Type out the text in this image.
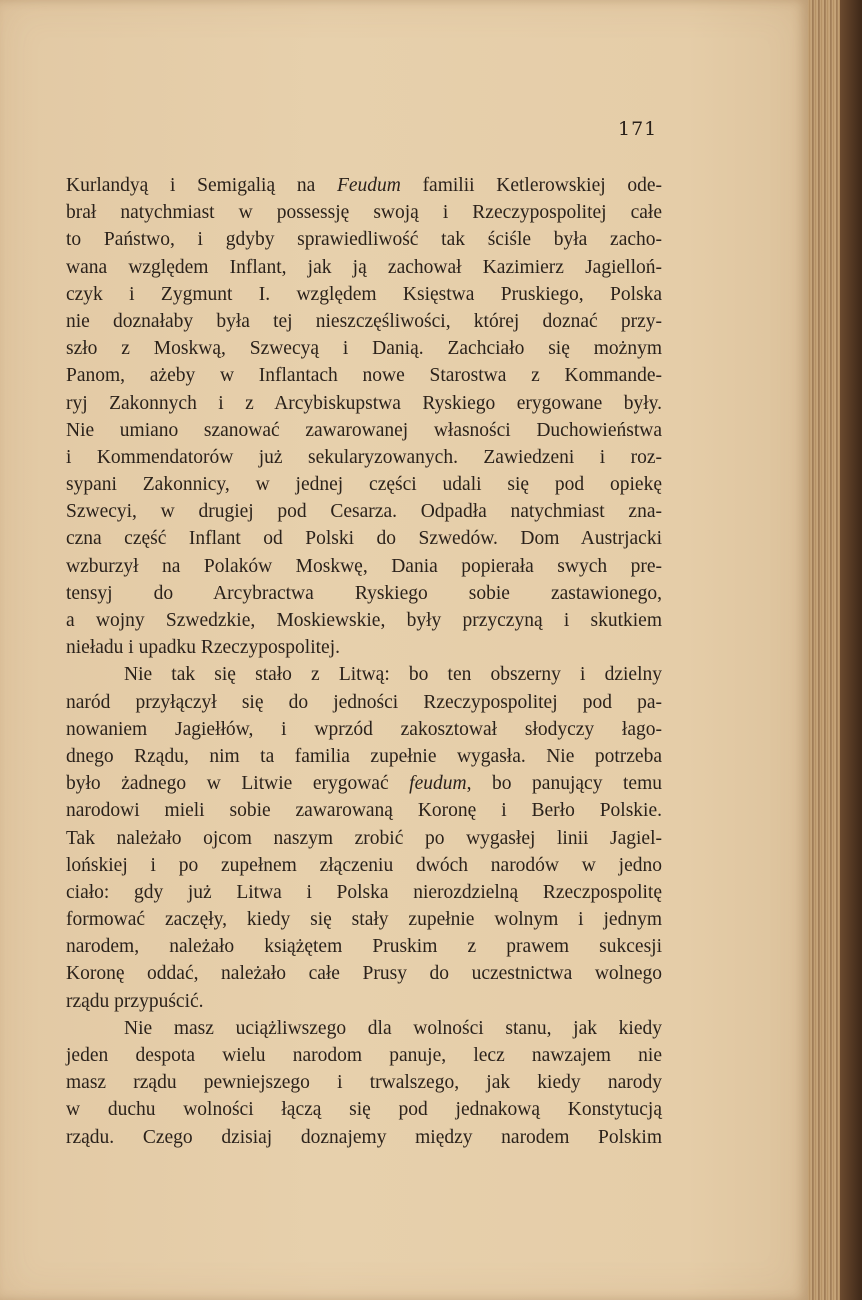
171
Kurlandyą i Semigalią na Feudum familii Ketlerowskiej ode-
brał natychmiast w possessję swoją i Rzeczypospolitej całe
to Państwo, i gdyby sprawiedliwość tak ściśle była zacho-
wana względem Inflant, jak ją zachował Kazimierz Jagielloń-
czyk i Zygmunt I. względem Księstwa Pruskiego, Polska
nie doznałaby była tej nieszczęśliwości, której doznać przy-
szło z Moskwą, Szwecyą i Danią. Zachciało się możnym
Panom, ażeby w Inflantach nowe Starostwa z Kommande-
ryj Zakonnych i z Arcybiskupstwa Ryskiego erygowane były.
Nie umiano szanować zawarowanej własności Duchowieństwa
i Kommendatorów już sekularyzowanych. Zawiedzeni i roz-
sypani Zakonnicy, w jednej części udali się pod opiekę
Szwecyi, w drugiej pod Cesarza. Odpadła natychmiast zna-
czna część Inflant od Polski do Szwedów. Dom Austrjacki
wzburzył na Polaków Moskwę, Dania popierała swych pre-
tensyj do Arcybractwa Ryskiego sobie zastawionego,
a wojny Szwedzkie, Moskiewskie, były przyczyną i skutkiem
nieładu i upadku Rzeczypospolitej.
Nie tak się stało z Litwą: bo ten obszerny i dzielny
naród przyłączył się do jedności Rzeczypospolitej pod pa-
nowaniem Jagiełłów, i wprzód zakosztował słodyczy łago-
dnego Rządu, nim ta familia zupełnie wygasła. Nie potrzeba
było żadnego w Litwie erygować feudum, bo panujący temu
narodowi mieli sobie zawarowaną Koronę i Berło Polskie.
Tak należało ojcom naszym zrobić po wygasłej linii Jagiel-
lońskiej i po zupełnem złączeniu dwóch narodów w jedno
ciało: gdy już Litwa i Polska nierozdzielną Rzeczpospolitę
formować zaczęły, kiedy się stały zupełnie wolnym i jednym
narodem, należało książętem Pruskim z prawem sukcesji
Koronę oddać, należało całe Prusy do uczestnictwa wolnego
rządu przypuścić.
Nie masz uciążliwszego dla wolności stanu, jak kiedy
jeden despota wielu narodom panuje, lecz nawzajem nie
masz rządu pewniejszego i trwalszego, jak kiedy narody
w duchu wolności łączą się pod jednakową Konstytucją
rządu. Czego dzisiaj doznajemy między narodem Polskim
